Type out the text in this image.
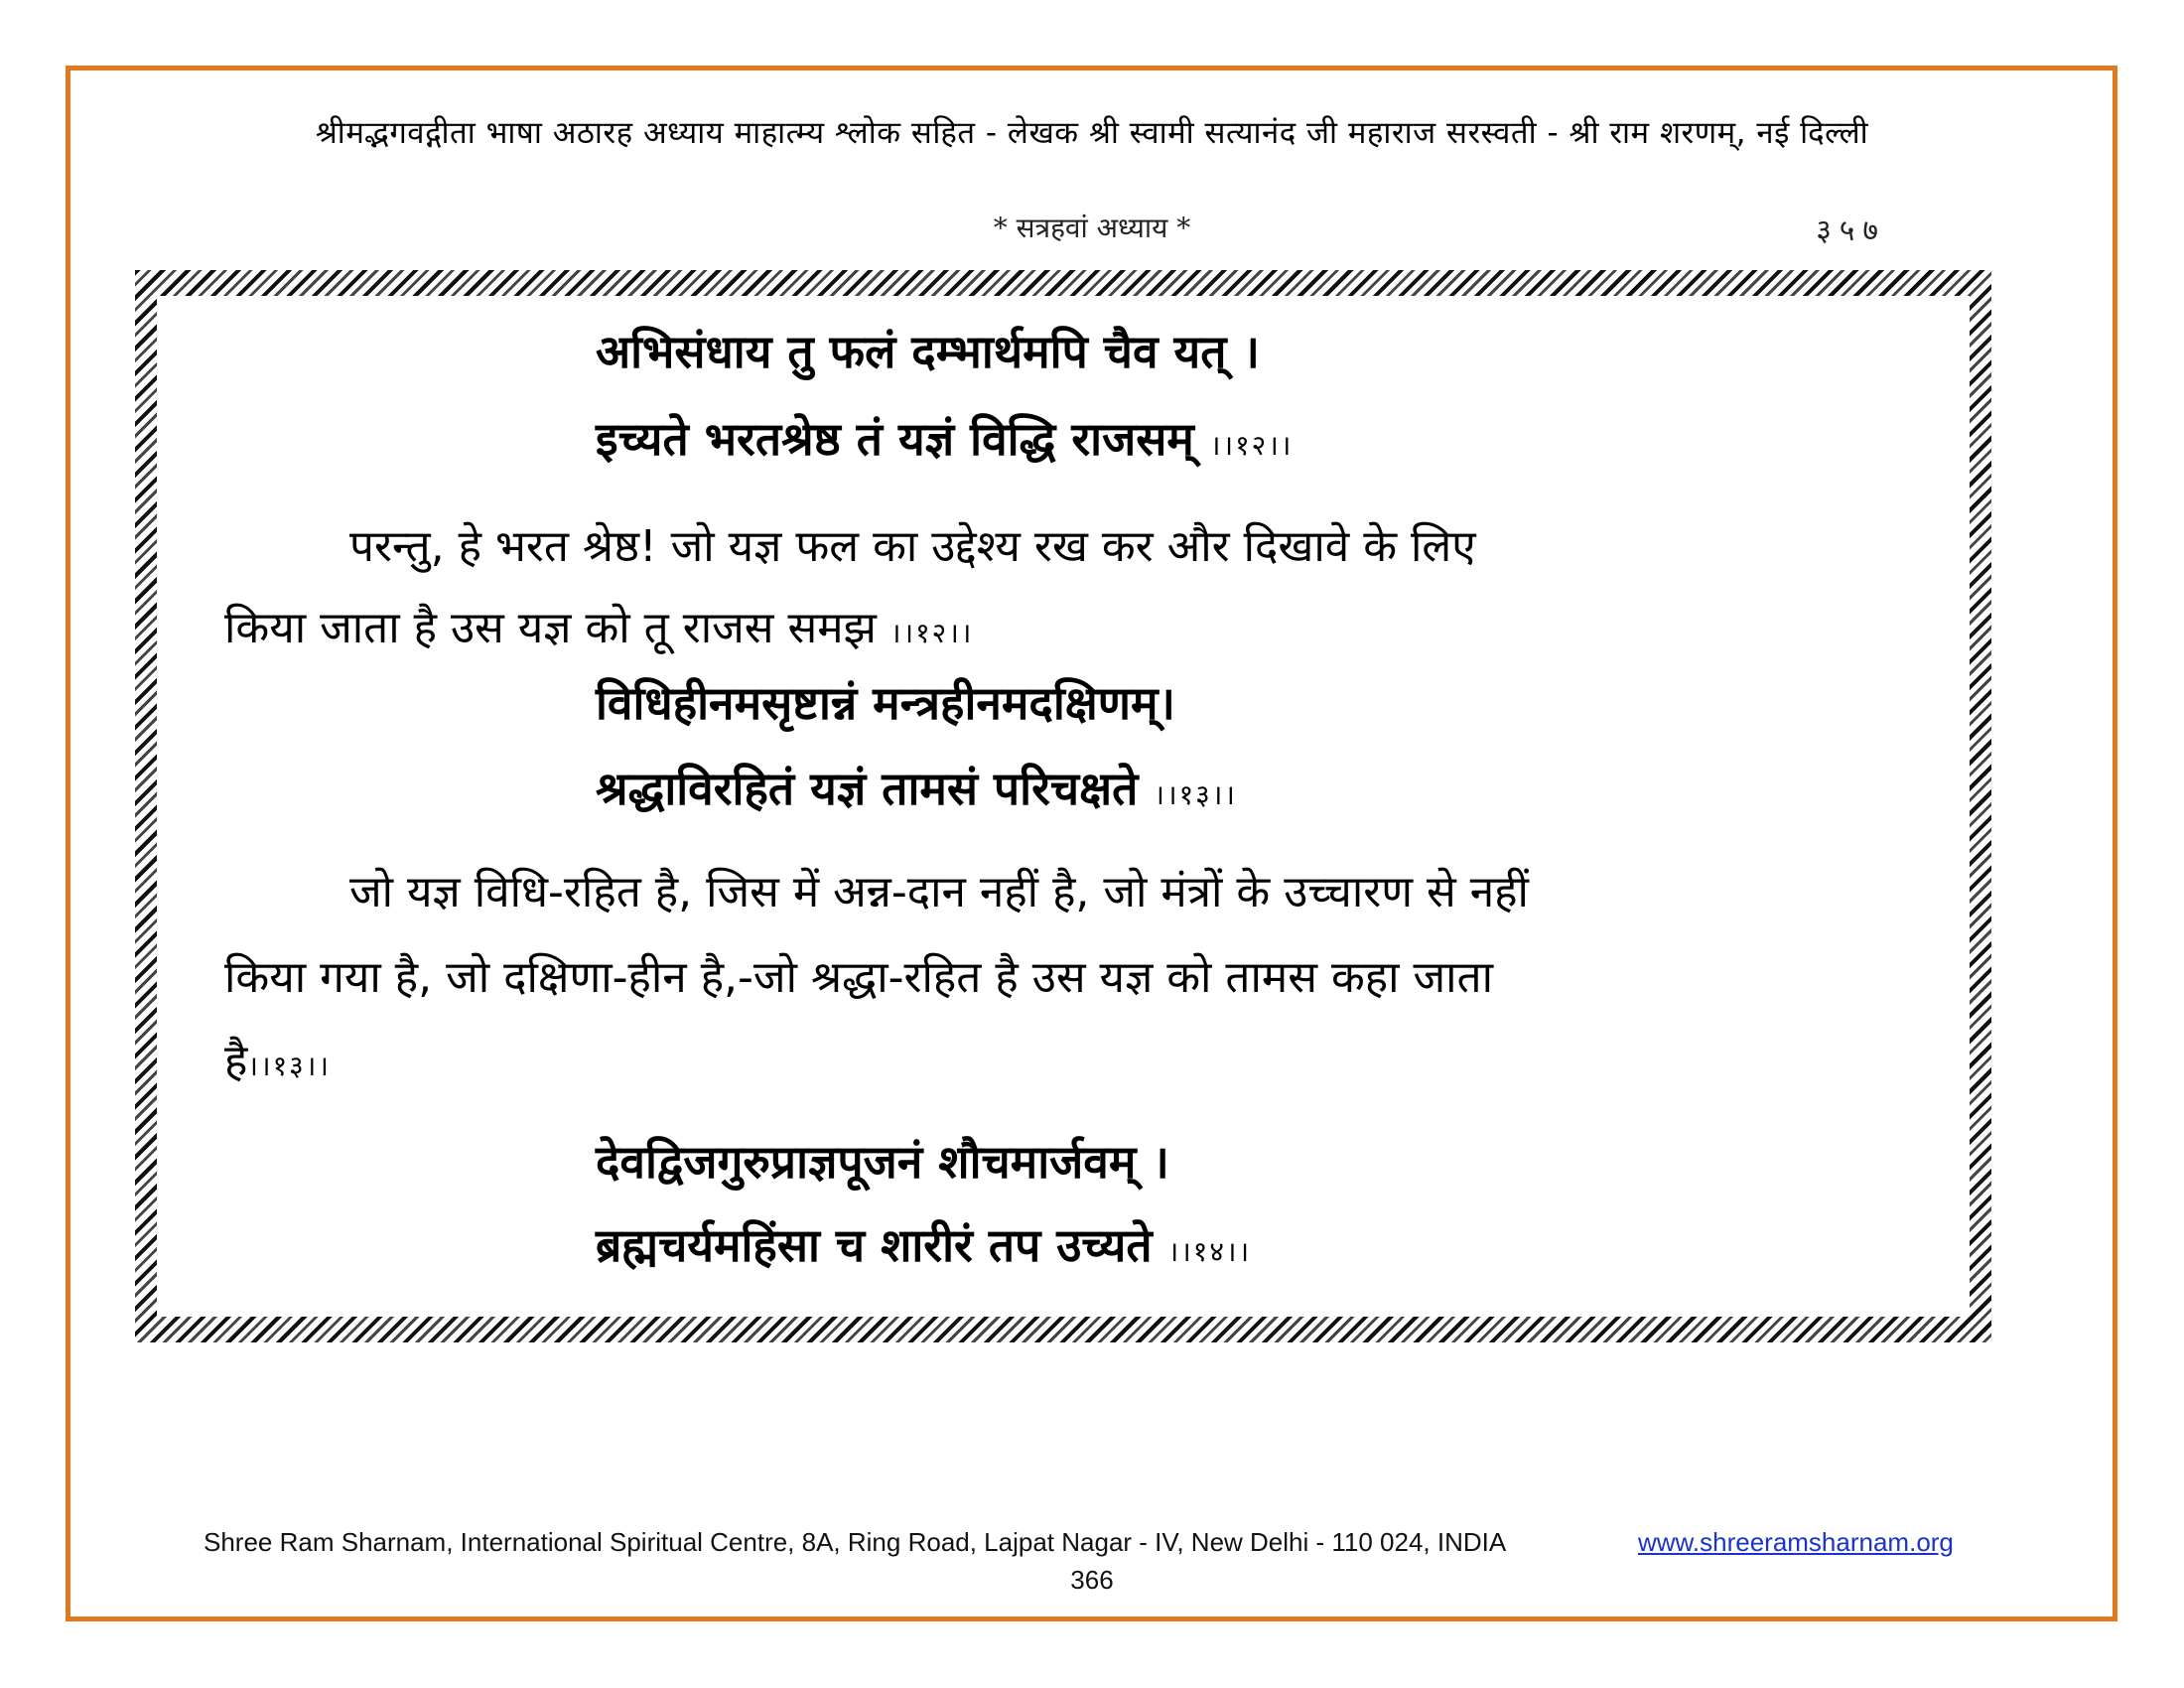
श्रीमद्भगवद्गीता भाषा अठारह अध्याय माहात्म्य श्लोक सहित - लेखक श्री स्वामी सत्यानंद जी महाराज सरस्वती - श्री राम शरणम्, नई दिल्ली
* सत्रहवां अध्याय *	३५७
अभिसंधाय तु फलं दम्भार्थमपि चैव यत् ।
इच्यते भरतश्रेष्ठ तं यज्ञं विद्धि राजसम् ।।१२।।
परन्तु, हे भरत श्रेष्ठ! जो यज्ञ फल का उद्देश्य रख कर और दिखावे के लिए
किया जाता है उस यज्ञ को तू राजस समझ ।।१२।।
विधिहीनमसृष्टान्नं मन्त्रहीनमदक्षिणम्।
श्रद्धाविरहितं यज्ञं तामसं परिचक्षते ।।१३।।
जो यज्ञ विधि-रहित है, जिस में अन्न-दान नहीं है, जो मंत्रों के उच्चारण से नहीं
किया गया है, जो दक्षिणा-हीन है,-जो श्रद्धा-रहित है उस यज्ञ को तामस कहा जाता
है।।१३।।
देवद्विजगुरुप्राज्ञपूजनं शौचमार्जवम् ।
ब्रह्मचर्यमहिंसा च शारीरं तप उच्यते ।।१४।।
Shree Ram Sharnam, International Spiritual Centre, 8A, Ring Road, Lajpat Nagar - IV, New Delhi - 110 024, INDIA	www.shreeramsharnam.org
366
